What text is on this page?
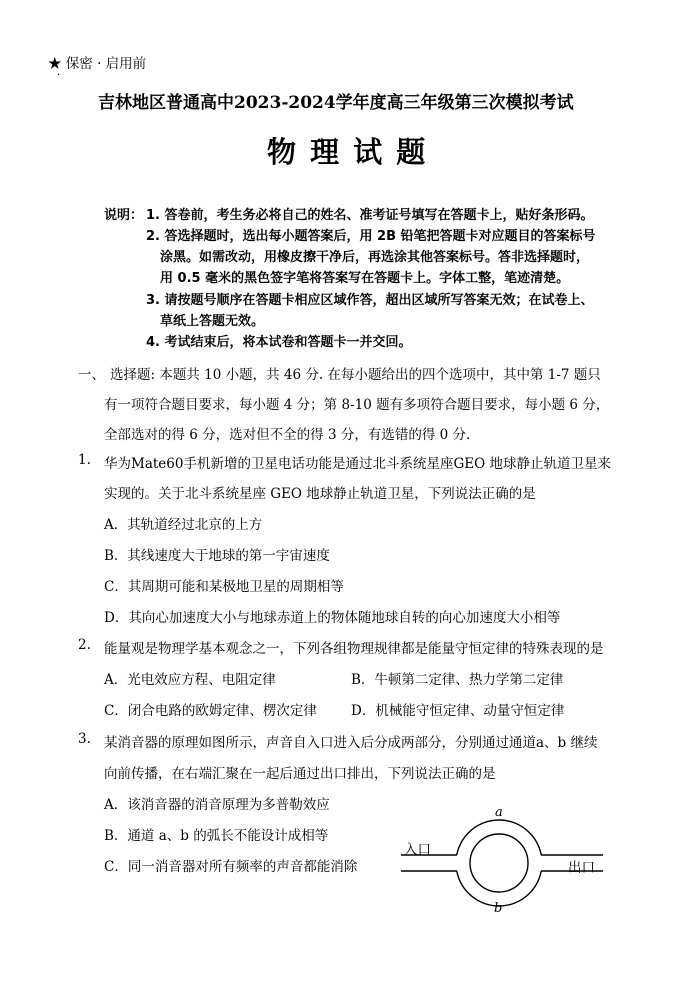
★ 保密 · 启用前
·
吉林地区普通高中2023-2024学年度高三年级第三次模拟考试
物 理 试 题
说明： 1. 答卷前，考生务必将自己的姓名、准考证号填写在答题卡上，贴好条形码。
2. 答选择题时，选出每小题答案后，用 2B 铅笔把答题卡对应题目的答案标号
涂黑。如需改动，用橡皮擦干净后，再选涂其他答案标号。答非选择题时，
用 0.5 毫米的黑色签字笔将答案写在答题卡上。字体工整，笔迹清楚。
3. 请按题号顺序在答题卡相应区域作答，超出区域所写答案无效；在试卷上、
草纸上答题无效。
4. 考试结束后，将本试卷和答题卡一并交回。
一、 选择题: 本题共 10 小题，共 46 分. 在每小题给出的四个选项中，其中第 1-7 题只
有一项符合题目要求，每小题 4 分；第 8-10 题有多项符合题目要求，每小题 6 分，
全部选对的得 6 分，选对但不全的得 3 分，有选错的得 0 分.
1. 华为Mate60手机新增的卫星电话功能是通过北斗系统星座GEO 地球静止轨道卫星来
实现的。关于北斗系统星座 GEO 地球静止轨道卫星，下列说法正确的是
A．其轨道经过北京的上方
B．其线速度大于地球的第一宇宙速度
C．其周期可能和某极地卫星的周期相等
D．其向心加速度大小与地球赤道上的物体随地球自转的向心加速度大小相等
2. 能量观是物理学基本观念之一，下列各组物理规律都是能量守恒定律的特殊表现的是
A．光电效应方程、电阻定律	B．牛顿第二定律、热力学第二定律
C．闭合电路的欧姆定律、楞次定律	D．机械能守恒定律、动量守恒定律
3. 某消音器的原理如图所示，声音自入口进入后分成两部分，分别通过通道a、b 继续
向前传播，在右端汇聚在一起后通过出口排出，下列说法正确的是
A．该消音器的消音原理为多普勒效应
B．通道 a、b 的弧长不能设计成相等
C．同一消音器对所有频率的声音都能消除
入口
出口
a
b
